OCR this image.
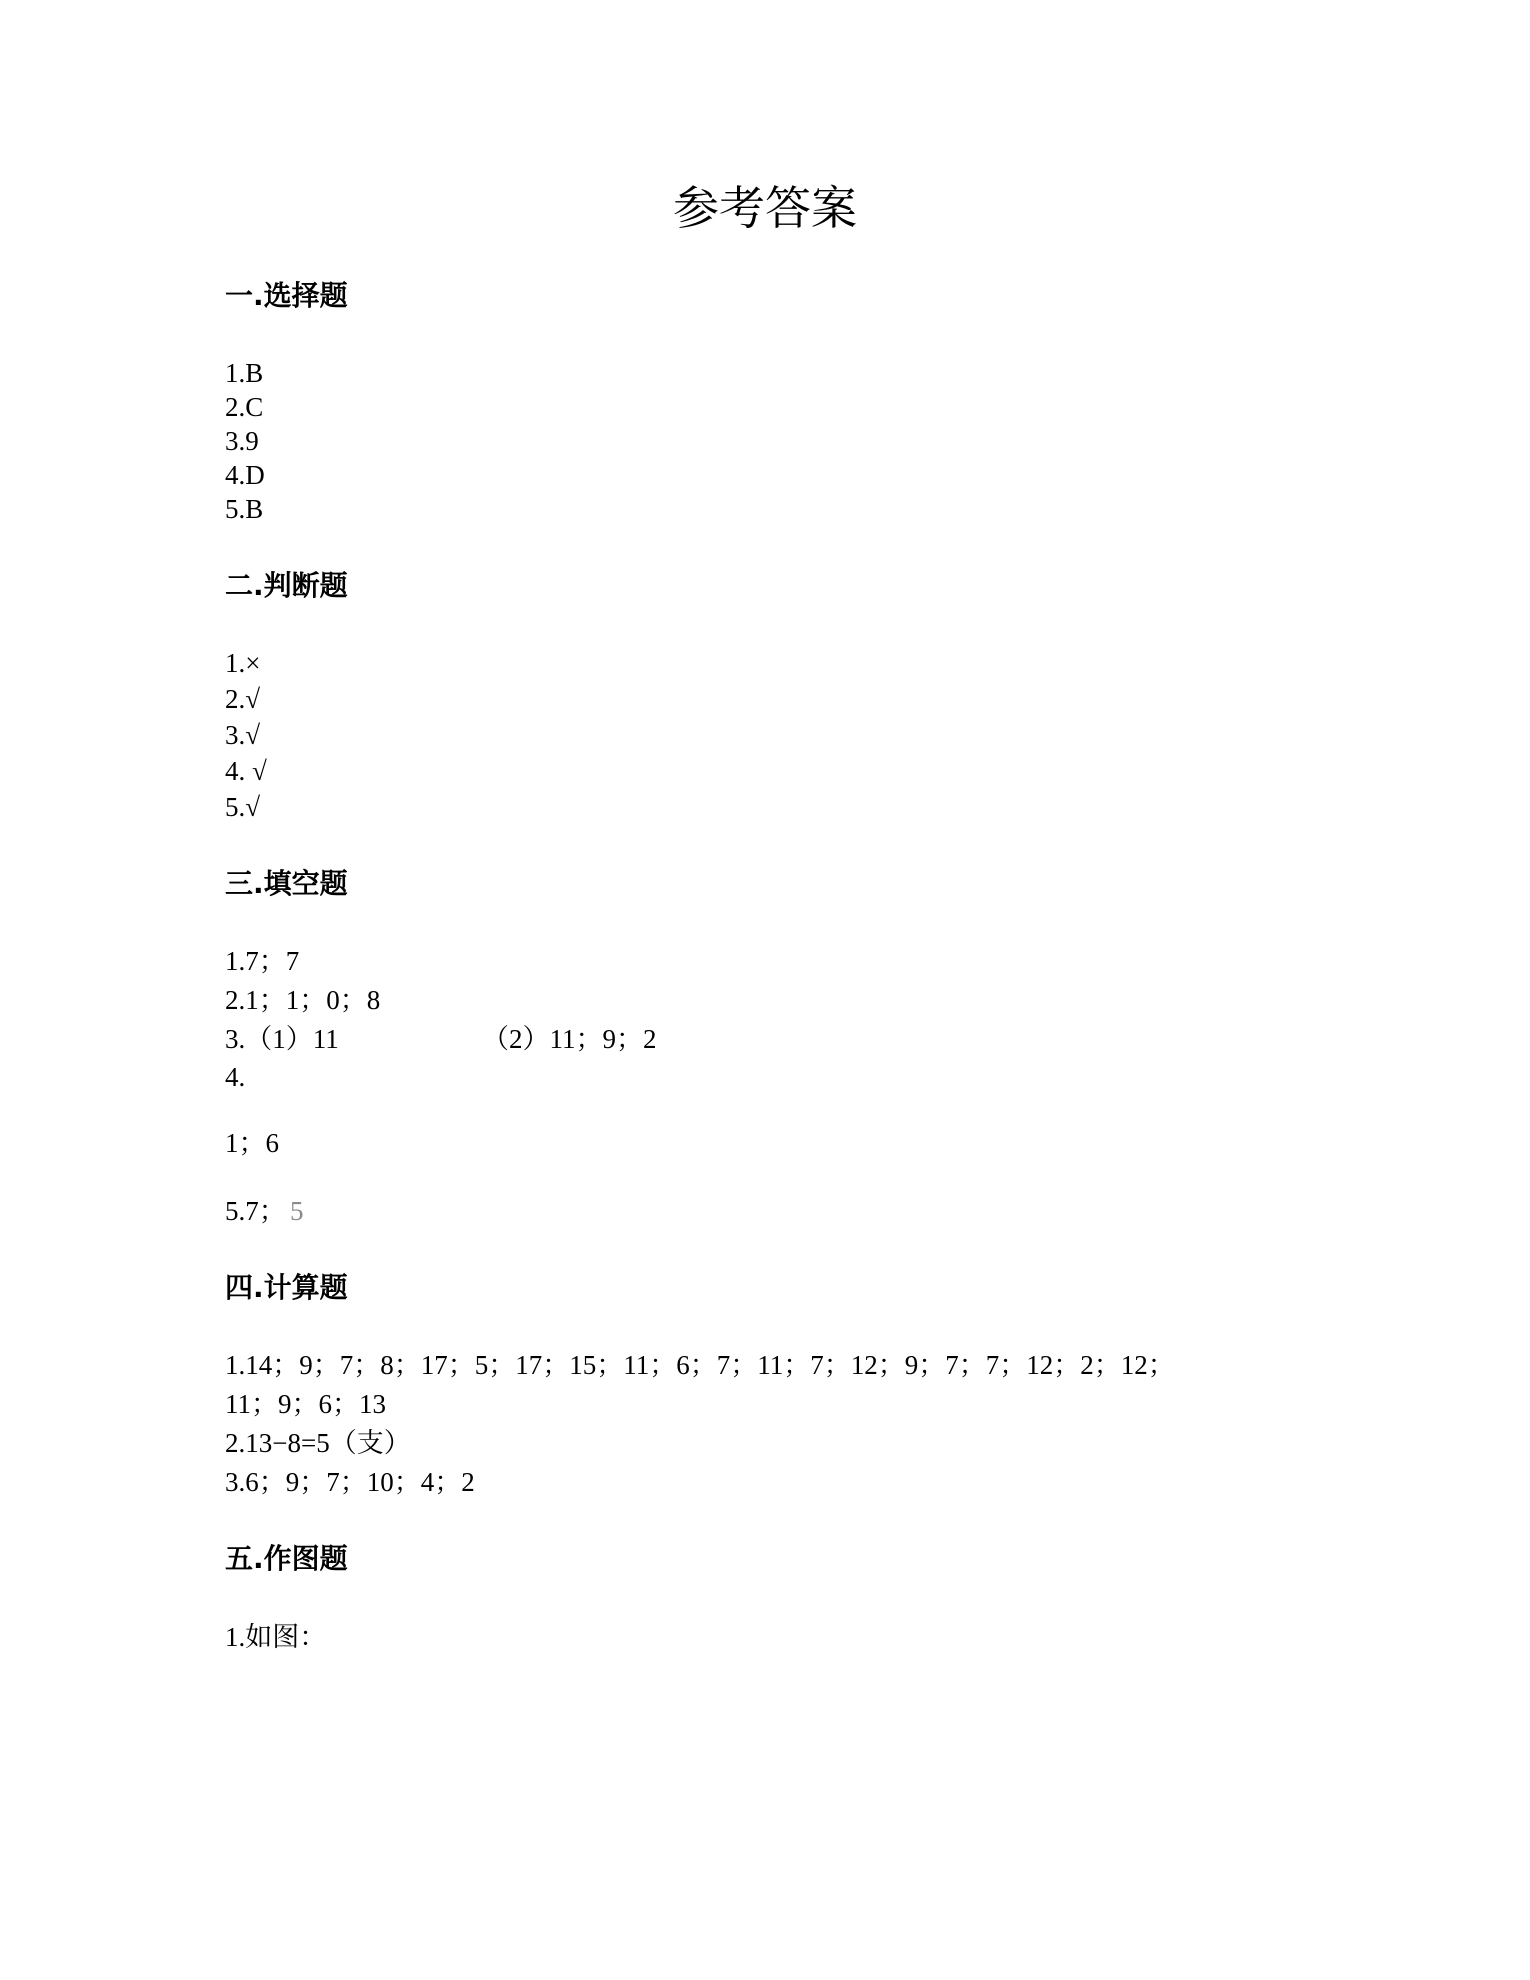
参考答案
一.选择题
1.B
2.C
3.9
4.D
5.B
二.判断题
1.×
2.√
3.√
4. √
5.√
三.填空题
1.7；7
2.1；1；0；8
3.（1）11	（2）11；9；2
4.
1；6
5.7； 5
四.计算题
1.14；9；7；8；17；5；17；15；11；6；7；11；7；12；9；7；7；12；2；12；
11；9；6；13
2.13−8=5（支）
3.6；9；7；10；4；2
五.作图题
1.如图：
